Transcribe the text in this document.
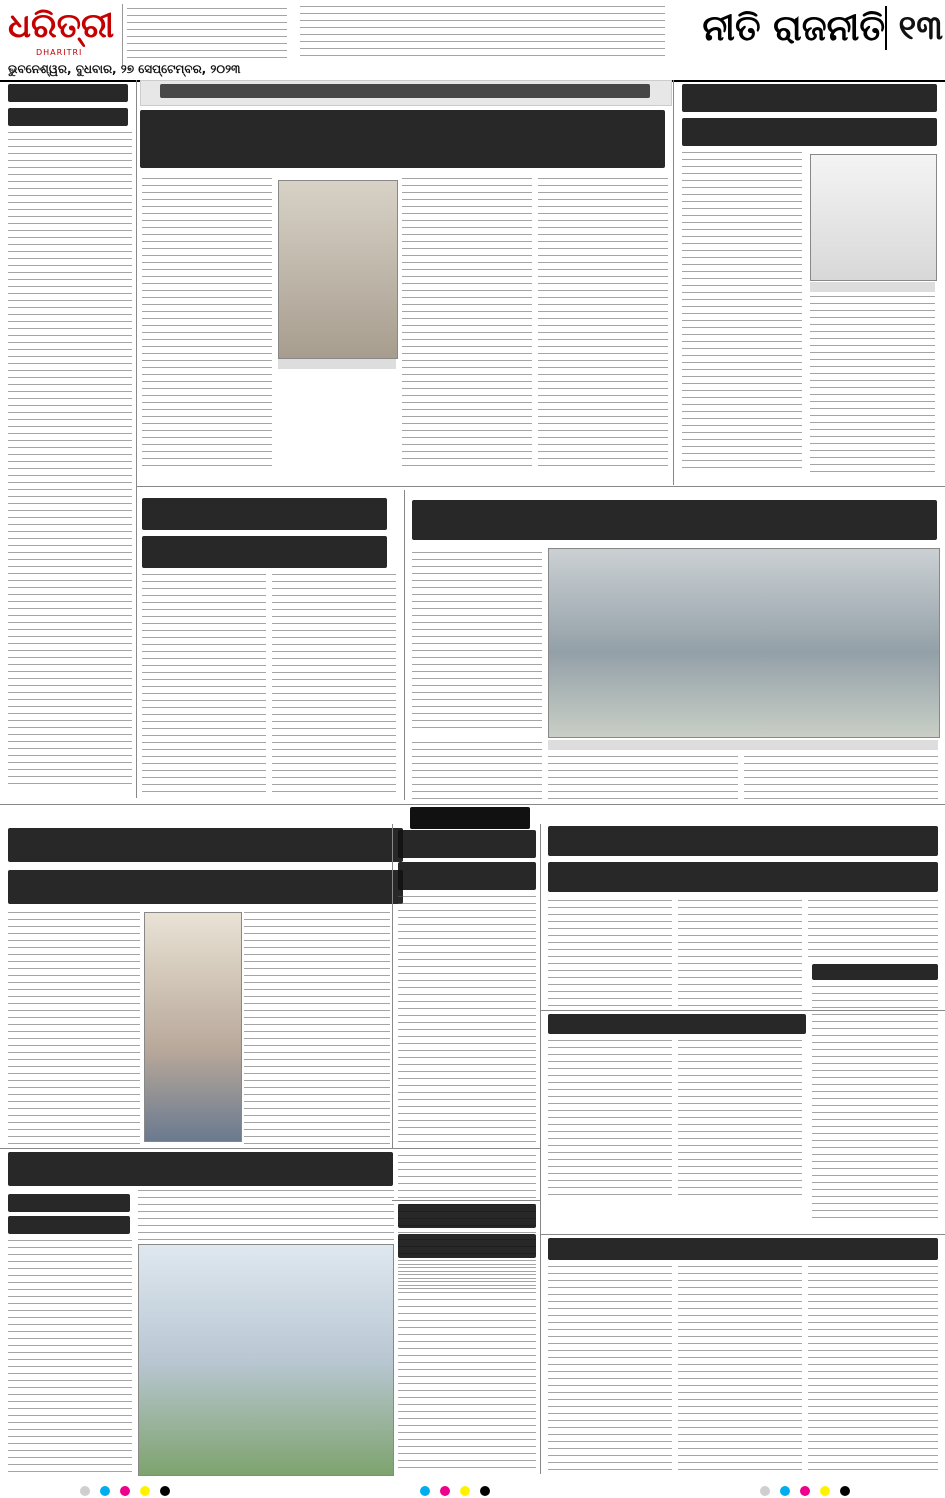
ଧରିତ୍ରୀ
DHARITRI
ନୀତି ରାଜନୀତି ୧୩
ଭୁବନେଶ୍ୱର, ବୁଧବାର, ୨୭ ସେପ୍ଟେମ୍ବର, ୨୦୨୩
